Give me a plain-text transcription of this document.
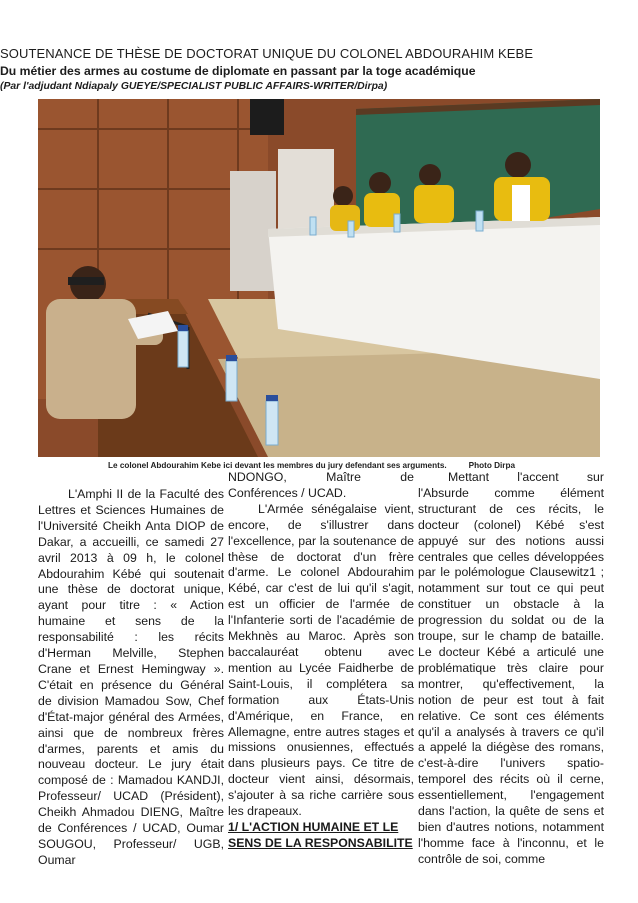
SOUTENANCE DE THÈSE DE DOCTORAT UNIQUE DU COLONEL ABDOURAHIM KEBE
Du métier des armes au costume de diplomate en passant par la toge académique
(Par l'adjudant Ndiapaly GUEYE/SPECIALIST PUBLIC AFFAIRS-WRITER/Dirpa)
Le colonel Abdourahim Kebe ici devant les membres du jury defendant ses arguments.	Photo Dirpa

L'Amphi II de la Faculté des Lettres et Sciences Humaines de l'Université Cheikh Anta DIOP de Dakar, a accueilli, ce samedi 27 avril 2013 à 09 h, le colonel Abdourahim Kébé qui soutenait une thèse de doctorat unique, ayant pour titre : « Action humaine et sens de la responsabilité : les récits d'Herman Melville, Stephen Crane et Ernest Hemingway ». C'était en présence du Général de division Mamadou Sow, Chef d'État-major général des Armées, ainsi que de nombreux frères d'armes, parents et amis du nouveau docteur. Le jury était composé de : Mamadou KANDJI, Professeur/ UCAD (Président), Cheikh Ahmadou DIENG, Maître de Conférences / UCAD, Oumar SOUGOU, Professeur/ UGB, Oumar

NDONGO, Maître de Conférences / UCAD.

L'Armée sénégalaise vient, encore, de s'illustrer dans l'excellence, par la soutenance de thèse de doctorat d'un frère d'arme. Le colonel Abdourahim Kébé, car c'est de lui qu'il s'agit, est un officier de l'armée de l'Infanterie sorti de l'académie de Mekhnès au Maroc. Après son baccalauréat obtenu avec mention au Lycée Faidherbe de Saint-Louis, il complétera sa formation aux États-Unis d'Amérique, en France, en Allemagne, entre autres stages et missions onusiennes, effectués dans plusieurs pays. Ce titre de docteur vient ainsi, désormais, s'ajouter à sa riche carrière sous les drapeaux.

1/ L'ACTION HUMAINE ET LE SENS DE LA RESPONSABILITE

Mettant l'accent sur l'Absurde comme élément structurant de ces récits, le docteur (colonel) Kébé s'est appuyé sur des notions aussi centrales que celles développées par le polémologue Clausewitz1 ; notamment sur tout ce qui peut constituer un obstacle à la progression du soldat ou de la troupe, sur le champ de bataille. Le docteur Kébé a articulé une problématique très claire pour montrer, qu'effectivement, la notion de peur est tout à fait relative. Ce sont ces éléments qu'il a analysés à travers ce qu'il a appelé la diégèse des romans, c'est-à-dire l'univers spatio-temporel des récits où il cerne, essentiellement, l'engagement dans l'action, la quête de sens et bien d'autres notions, notamment l'homme face à l'inconnu, et le contrôle de soi, comme
